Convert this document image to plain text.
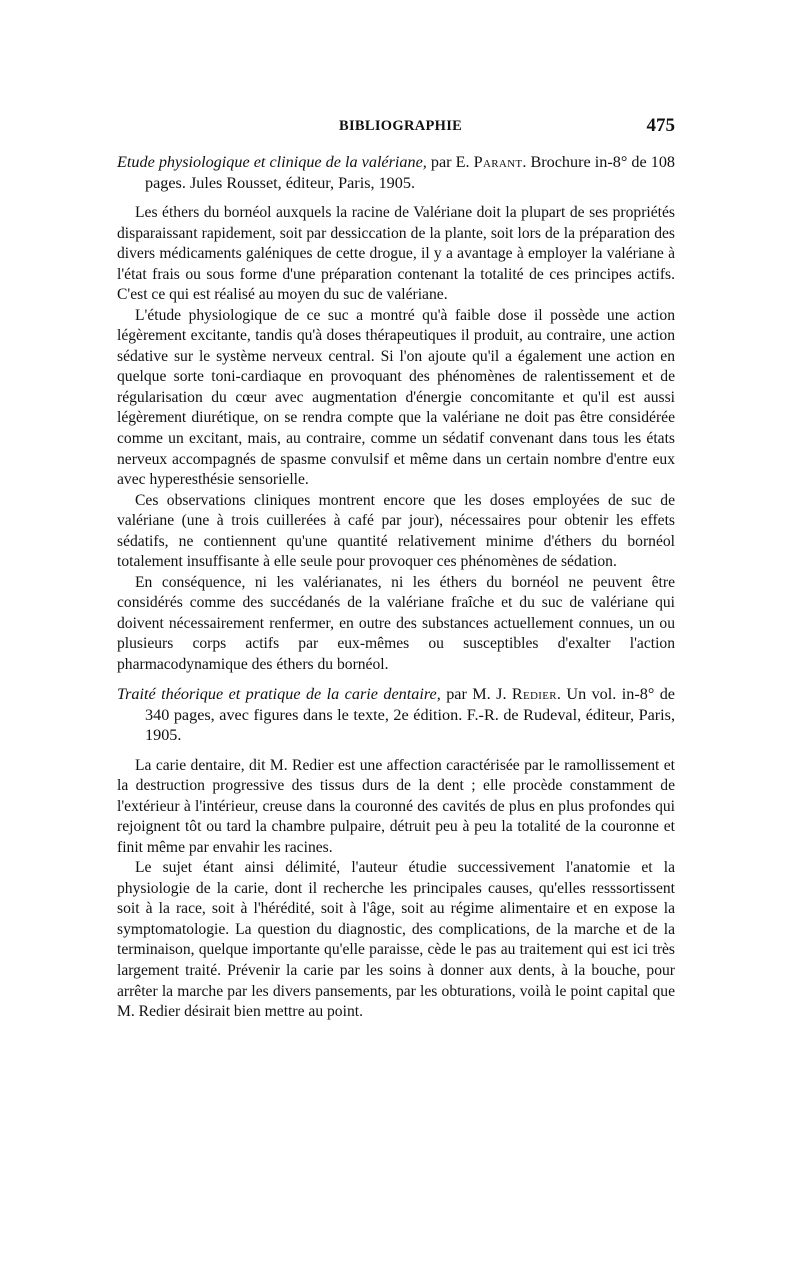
BIBLIOGRAPHIE	475

Etude physiologique et clinique de la valériane, par E. Parant. Brochure in-8° de 108 pages. Jules Rousset, éditeur, Paris, 1905.

Les éthers du bornéol auxquels la racine de Valériane doit la plupart de ses propriétés disparaissant rapidement, soit par dessiccation de la plante, soit lors de la préparation des divers médicaments galéniques de cette drogue, il y a avantage à employer la valériane à l'état frais ou sous forme d'une préparation contenant la totalité de ces principes actifs. C'est ce qui est réalisé au moyen du suc de valériane.

L'étude physiologique de ce suc a montré qu'à faible dose il possède une action légèrement excitante, tandis qu'à doses thérapeutiques il produit, au contraire, une action sédative sur le système nerveux central. Si l'on ajoute qu'il a également une action en quelque sorte toni-cardiaque en provoquant des phénomènes de ralentissement et de régularisation du cœur avec augmentation d'énergie concomitante et qu'il est aussi légèrement diurétique, on se rendra compte que la valériane ne doit pas être considérée comme un excitant, mais, au contraire, comme un sédatif convenant dans tous les états nerveux accompagnés de spasme convulsif et même dans un certain nombre d'entre eux avec hyperesthésie sensorielle.

Ces observations cliniques montrent encore que les doses employées de suc de valériane (une à trois cuillerées à café par jour), nécessaires pour obtenir les effets sédatifs, ne contiennent qu'une quantité relativement minime d'éthers du bornéol totalement insuffisante à elle seule pour provoquer ces phénomènes de sédation.

En conséquence, ni les valérianates, ni les éthers du bornéol ne peuvent être considérés comme des succédanés de la valériane fraîche et du suc de valériane qui doivent nécessairement renfermer, en outre des substances actuellement connues, un ou plusieurs corps actifs par eux-mêmes ou susceptibles d'exalter l'action pharmacodynamique des éthers du bornéol.

Traité théorique et pratique de la carie dentaire, par M. J. Redier. Un vol. in-8° de 340 pages, avec figures dans le texte, 2e édition. F.-R. de Rudeval, éditeur, Paris, 1905.

La carie dentaire, dit M. Redier est une affection caractérisée par le ramollissement et la destruction progressive des tissus durs de la dent ; elle procède constamment de l'extérieur à l'intérieur, creuse dans la couronné des cavités de plus en plus profondes qui rejoignent tôt ou tard la chambre pulpaire, détruit peu à peu la totalité de la couronne et finit même par envahir les racines.

Le sujet étant ainsi délimité, l'auteur étudie successivement l'anatomie et la physiologie de la carie, dont il recherche les principales causes, qu'elles resssortissent soit à la race, soit à l'hérédité, soit à l'âge, soit au régime alimentaire et en expose la symptomatologie. La question du diagnostic, des complications, de la marche et de la terminaison, quelque importante qu'elle paraisse, cède le pas au traitement qui est ici très largement traité. Prévenir la carie par les soins à donner aux dents, à la bouche, pour arrêter la marche par les divers pansements, par les obturations, voilà le point capital que M. Redier désirait bien mettre au point.
